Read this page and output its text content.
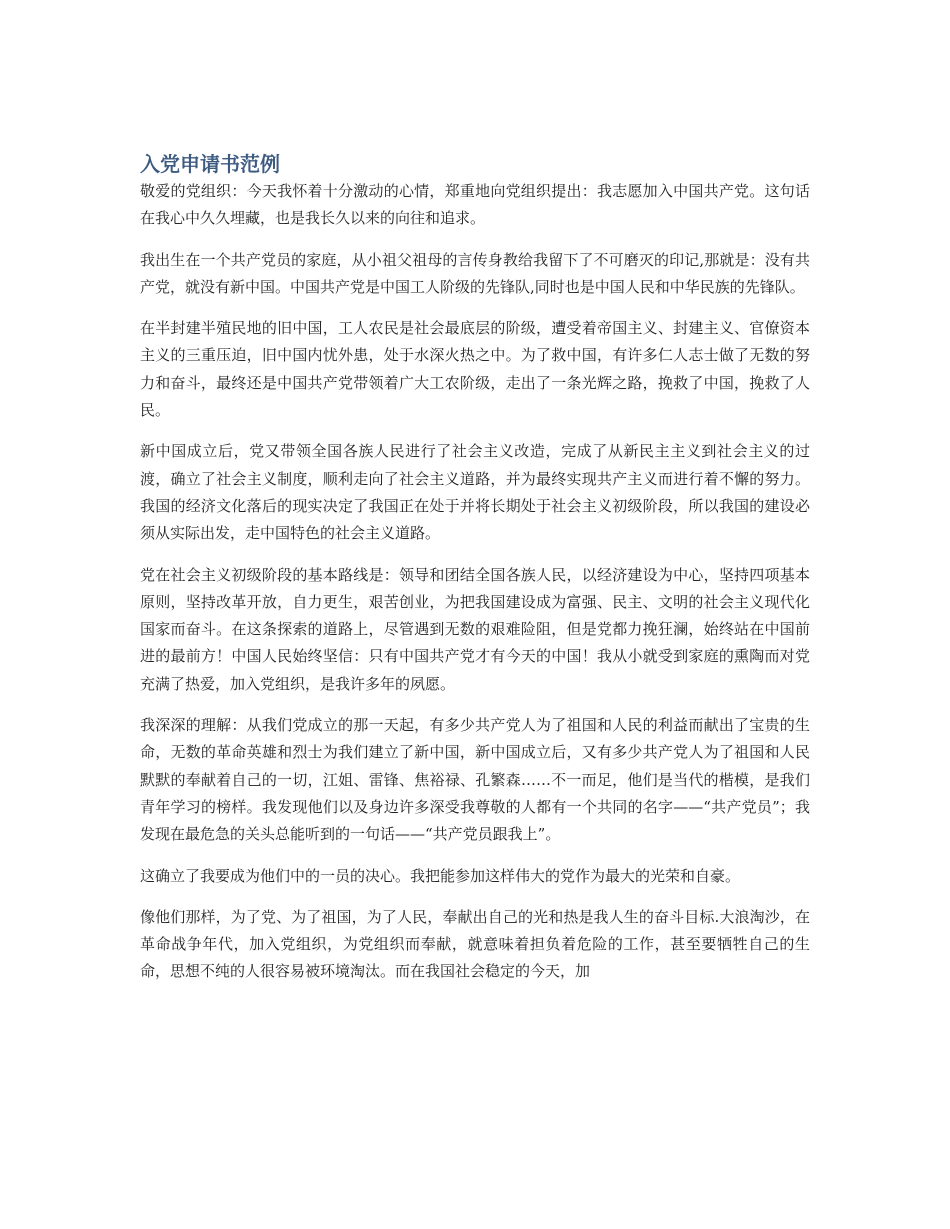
入党申请书范例

敬爱的党组织：今天我怀着十分激动的心情，郑重地向党组织提出：我志愿加入中国共产党。这句话在我心中久久埋藏，也是我长久以来的向往和追求。

我出生在一个共产党员的家庭，从小祖父祖母的言传身教给我留下了不可磨灭的印记,那就是：没有共产党，就没有新中国。中国共产党是中国工人阶级的先锋队,同时也是中国人民和中华民族的先锋队。

在半封建半殖民地的旧中国，工人农民是社会最底层的阶级，遭受着帝国主义、封建主义、官僚资本主义的三重压迫，旧中国内忧外患，处于水深火热之中。为了救中国，有许多仁人志士做了无数的努力和奋斗，最终还是中国共产党带领着广大工农阶级，走出了一条光辉之路，挽救了中国，挽救了人民。

新中国成立后，党又带领全国各族人民进行了社会主义改造，完成了从新民主主义到社会主义的过渡，确立了社会主义制度，顺利走向了社会主义道路，并为最终实现共产主义而进行着不懈的努力。我国的经济文化落后的现实决定了我国正在处于并将长期处于社会主义初级阶段，所以我国的建设必须从实际出发，走中国特色的社会主义道路。

党在社会主义初级阶段的基本路线是：领导和团结全国各族人民，以经济建设为中心，坚持四项基本原则，坚持改革开放，自力更生，艰苦创业，为把我国建设成为富强、民主、文明的社会主义现代化国家而奋斗。在这条探索的道路上，尽管遇到无数的艰难险阻，但是党都力挽狂澜，始终站在中国前进的最前方！中国人民始终坚信：只有中国共产党才有今天的中国！我从小就受到家庭的熏陶而对党充满了热爱，加入党组织，是我许多年的夙愿。

我深深的理解：从我们党成立的那一天起，有多少共产党人为了祖国和人民的利益而献出了宝贵的生命，无数的革命英雄和烈士为我们建立了新中国，新中国成立后，又有多少共产党人为了祖国和人民默默的奉献着自己的一切，江姐、雷锋、焦裕禄、孔繁森……不一而足，他们是当代的楷模，是我们青年学习的榜样。我发现他们以及身边许多深受我尊敬的人都有一个共同的名字——“共产党员”；我发现在最危急的关头总能听到的一句话——“共产党员跟我上”。

这确立了我要成为他们中的一员的决心。我把能参加这样伟大的党作为最大的光荣和自豪。

像他们那样，为了党、为了祖国，为了人民，奉献出自己的光和热是我人生的奋斗目标.大浪淘沙，在革命战争年代，加入党组织，为党组织而奉献，就意味着担负着危险的工作，甚至要牺牲自己的生命，思想不纯的人很容易被环境淘汰。而在我国社会稳定的今天，加
